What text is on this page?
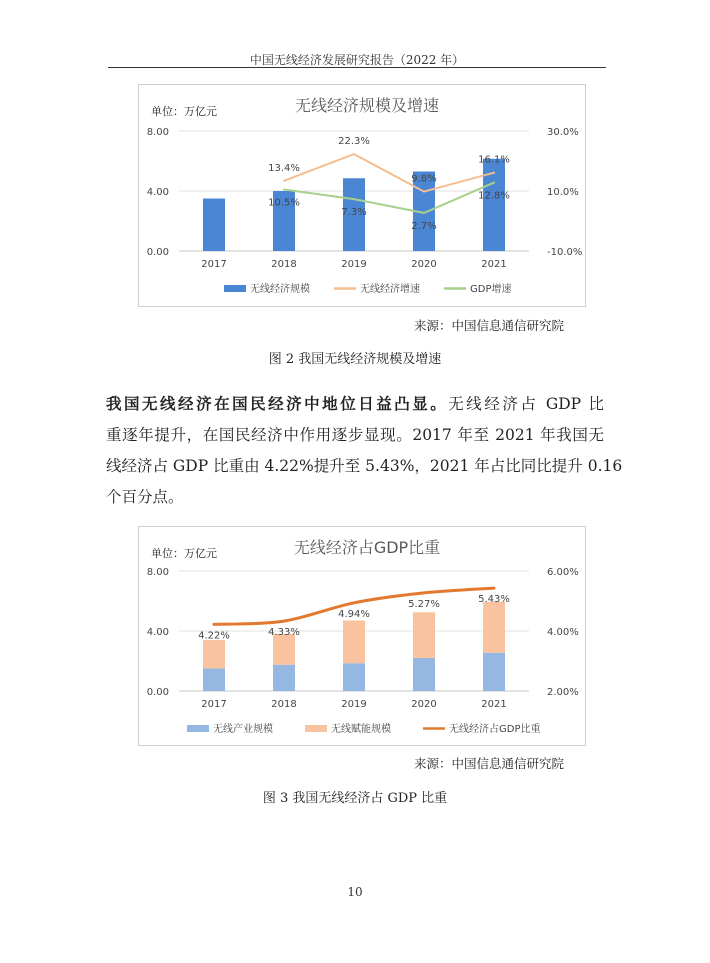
中国无线经济发展研究报告（2022 年）
无线经济规模及增速
单位：万亿元
0.00
4.00
8.00
-10.0%
10.0%
30.0%
2017	2018	2019	2020	2021
13.4%
22.3%
9.8%
16.1%
10.5%
7.3%
2.7%
12.8%
无线经济规模	无线经济增速	GDP增速
来源：中国信息通信研究院
图 2 我国无线经济规模及增速
我国无线经济在国民经济中地位日益凸显。无线经济占 GDP 比
重逐年提升，在国民经济中作用逐步显现。2017 年至 2021 年我国无
线经济占 GDP 比重由 4.22%提升至 5.43%，2021 年占比同比提升 0.16
个百分点。
无线经济占GDP比重
单位：万亿元
0.00
4.00
8.00
2.00%
4.00%
6.00%
2017	2018	2019	2020	2021
4.22%	4.33%
4.94%
5.27%	5.43%
无线产业规模	无线赋能规模	无线经济占GDP比重
来源：中国信息通信研究院
图 3 我国无线经济占 GDP 比重
10
